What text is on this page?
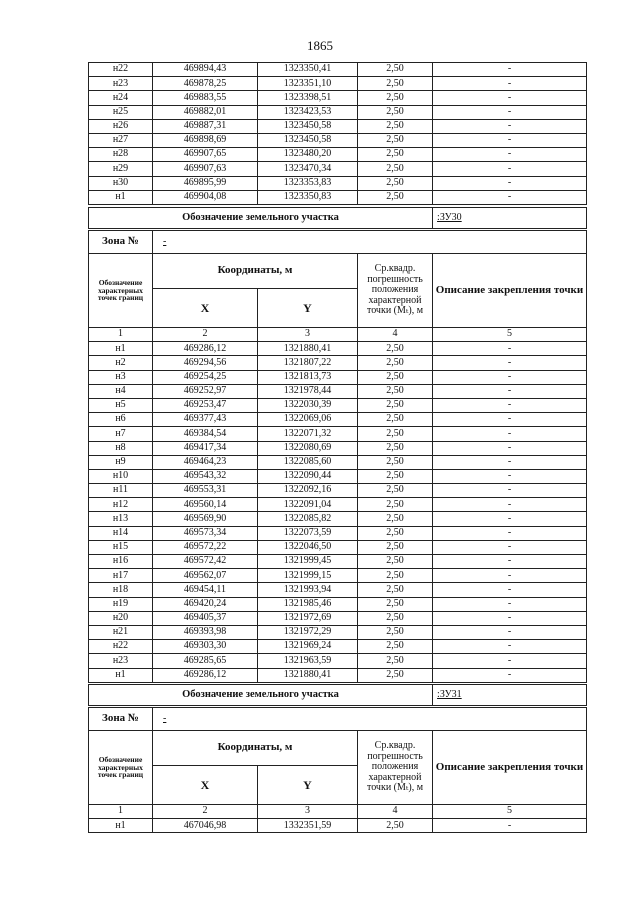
1865
н22	469894,43	1323350,41	2,50	-
н23	469878,25	1323351,10	2,50	-
н24	469883,55	1323398,51	2,50	-
н25	469882,01	1323423,53	2,50	-
н26	469887,31	1323450,58	2,50	-
н27	469898,69	1323450,58	2,50	-
н28	469907,65	1323480,20	2,50	-
н29	469907,63	1323470,34	2,50	-
н30	469895,99	1323353,83	2,50	-
н1	469904,08	1323350,83	2,50	-
Обозначение земельного участка	:ЗУ30
Зона №	-
Обозначение характерных точек границ	Координаты, м		Ср.квадр. погрешность положения характерной точки (Mₜ), м	Описание закрепления точки
	X	Y		
1	2	3	4	5
н1	469286,12	1321880,41	2,50	-
н2	469294,56	1321807,22	2,50	-
н3	469254,25	1321813,73	2,50	-
н4	469252,97	1321978,44	2,50	-
н5	469253,47	1322030,39	2,50	-
н6	469377,43	1322069,06	2,50	-
н7	469384,54	1322071,32	2,50	-
н8	469417,34	1322080,69	2,50	-
н9	469464,23	1322085,60	2,50	-
н10	469543,32	1322090,44	2,50	-
н11	469553,31	1322092,16	2,50	-
н12	469560,14	1322091,04	2,50	-
н13	469569,90	1322085,82	2,50	-
н14	469573,34	1322073,59	2,50	-
н15	469572,22	1322046,50	2,50	-
н16	469572,42	1321999,45	2,50	-
н17	469562,07	1321999,15	2,50	-
н18	469454,11	1321993,94	2,50	-
н19	469420,24	1321985,46	2,50	-
н20	469405,37	1321972,69	2,50	-
н21	469393,98	1321972,29	2,50	-
н22	469303,30	1321969,24	2,50	-
н23	469285,65	1321963,59	2,50	-
н1	469286,12	1321880,41	2,50	-
Обозначение земельного участка	:ЗУ31
Зона №	-
Обозначение характерных точек границ	Координаты, м		Ср.квадр. погрешность положения характерной точки (Mₜ), м	Описание закрепления точки
	X	Y		
1	2	3	4	5
н1	467046,98	1332351,59	2,50	-
